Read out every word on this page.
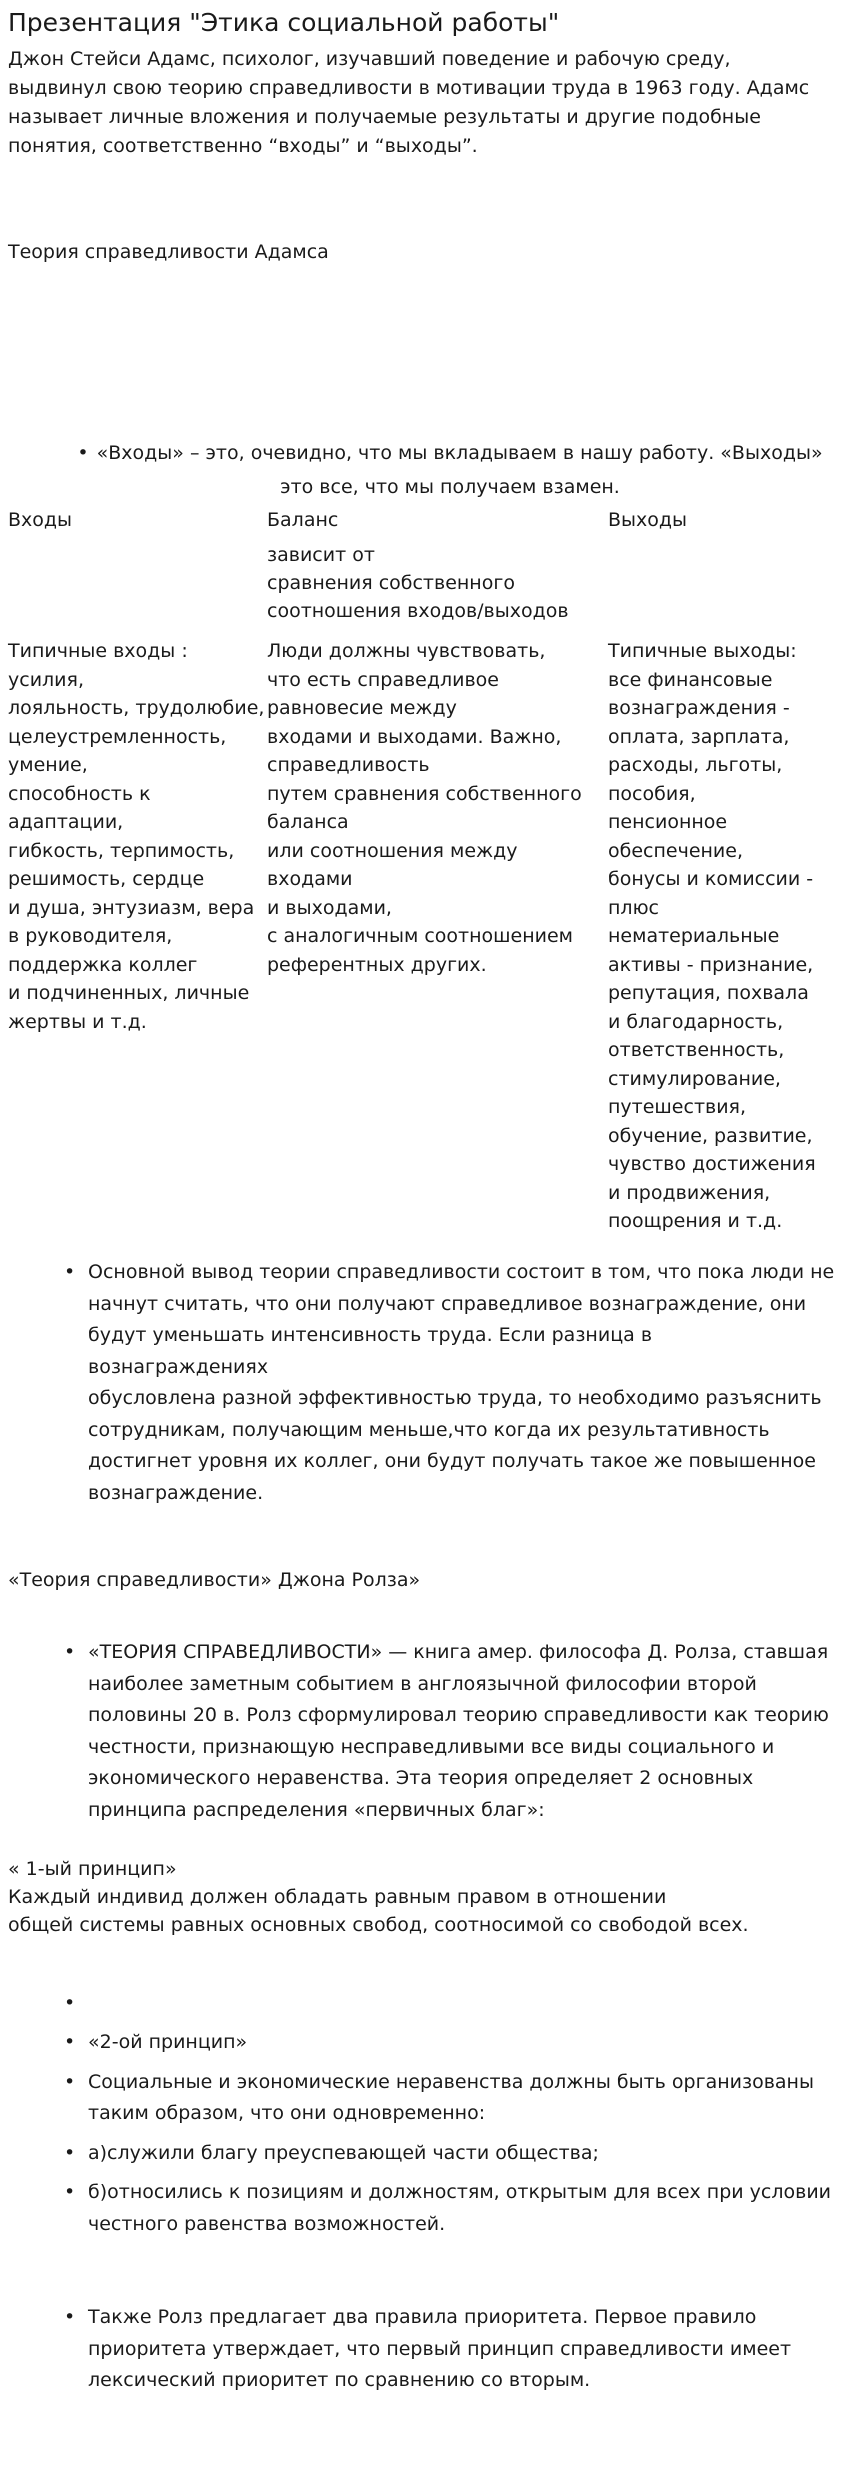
Презентация "Этика социальной работы"

Джон Стейси Адамс, психолог, изучавший поведение и рабочую среду,
выдвинул свою теорию справедливости в мотивации труда в 1963 году. Адамс
называет личные вложения и получаемые результаты и другие подобные
понятия, соответственно “входы” и “выходы”.

Теория справедливости Адамса

• «Входы» – это, очевидно, что мы вкладываем в нашу работу. «Выходы»
это все, что мы получаем взамен.

Входы	Баланс	Выходы

зависит от
сравнения собственного
соотношения входов/выходов

Типичные входы : усилия,
лояльность, трудолюбие,
целеустремленность,
умение,
способность к адаптации,
гибкость, терпимость,
решимость, сердце
и душа, энтузиазм, вера
в руководителя,
поддержка коллег
и подчиненных, личные
жертвы и т.д.

Люди должны чувствовать,
что есть справедливое
равновесие между
входами и выходами. Важно,
справедливость
путем сравнения собственного
баланса
или соотношения между входами
и выходами,
с аналогичным соотношением
референтных других.

Типичные выходы:
все финансовые
вознаграждения -
оплата, зарплата,
расходы, льготы,
пособия,
пенсионное
обеспечение,
бонусы и комиссии -
плюс
нематериальные
активы - признание,
репутация, похвала
и благодарность,
ответственность,
стимулирование,
путешествия,
обучение, развитие,
чувство достижения
и продвижения,
поощрения и т.д.

• Основной вывод теории справедливости состоит в том, что пока люди не
начнут считать, что они получают справедливое вознаграждение, они
будут уменьшать интенсивность труда. Если разница в вознаграждениях
обусловлена разной эффективностью труда, то необходимо разъяснить
сотрудникам, получающим меньше,что когда их результативность
достигнет уровня их коллег, они будут получать такое же повышенное
вознаграждение.

«Теория справедливости» Джона Ролза»

• «ТЕОРИЯ СПРАВЕДЛИВОСТИ» — книга амер. философа Д. Ролза, ставшая
наиболее заметным событием в англоязычной философии второй
половины 20 в. Ролз сформулировал теорию справедливости как теорию
честности, признающую несправедливыми все виды социального и
экономического неравенства. Эта теория определяет 2 основных
принципа распределения «первичных благ»:

« 1-ый принцип»
Каждый индивид должен обладать равным правом в отношении
общей системы равных основных свобод, соотносимой со свободой всех.

•
• «2-ой принцип»
• Социальные и экономические неравенства должны быть организованы
таким образом, что они одновременно:
• а)служили благу преуспевающей части общества;
• б)относились к позициям и должностям, открытым для всех при условии
честного равенства возможностей.
• Также Ролз предлагает два правила приоритета. Первое правило
приоритета утверждает, что первый принцип справедливости имеет
лексический приоритет по сравнению со вторым.
